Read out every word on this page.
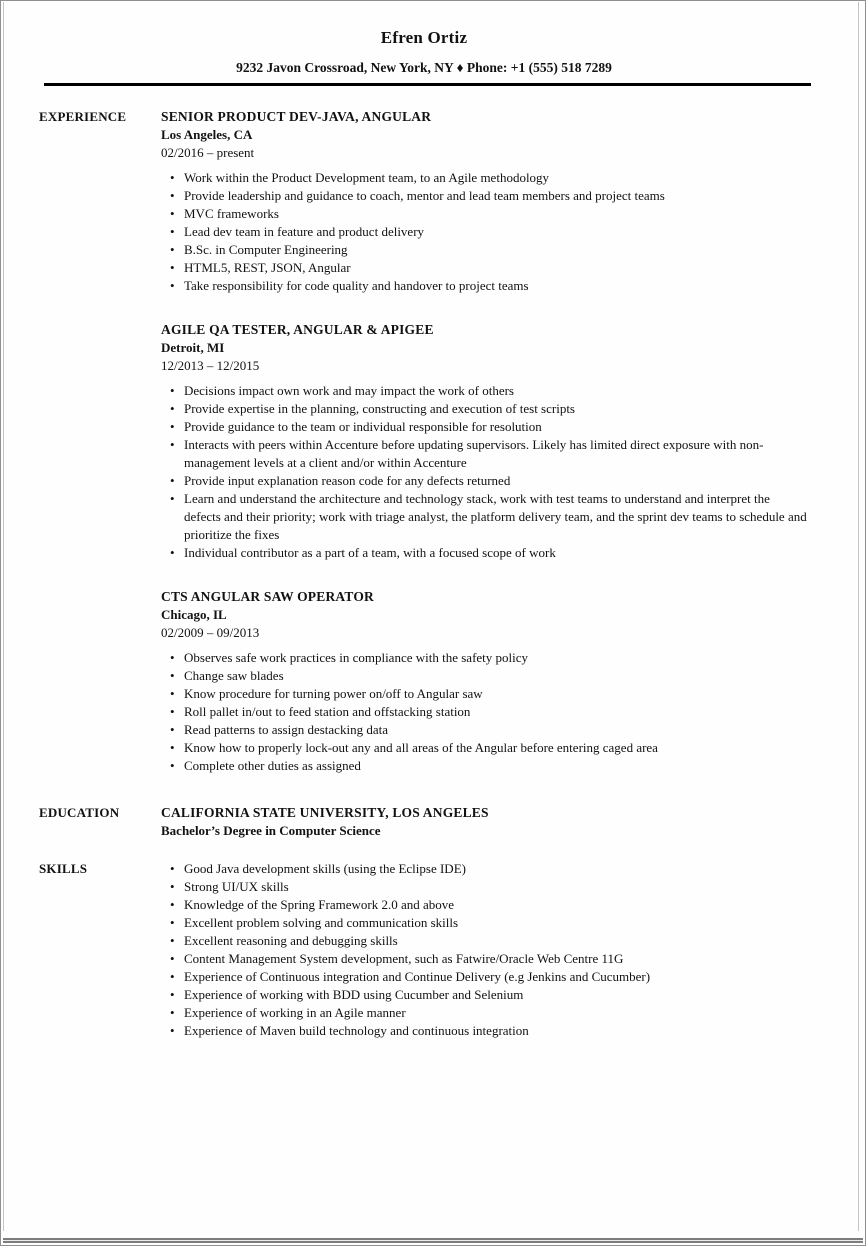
Efren Ortiz
9232 Javon Crossroad, New York, NY ♦ Phone: +1 (555) 518 7289
EXPERIENCE	SENIOR PRODUCT DEV-JAVA, ANGULAR
Los Angeles, CA
02/2016 – present
• Work within the Product Development team, to an Agile methodology
• Provide leadership and guidance to coach, mentor and lead team members and project teams
• MVC frameworks
• Lead dev team in feature and product delivery
• B.Sc. in Computer Engineering
• HTML5, REST, JSON, Angular
• Take responsibility for code quality and handover to project teams
AGILE QA TESTER, ANGULAR & APIGEE
Detroit, MI
12/2013 – 12/2015
• Decisions impact own work and may impact the work of others
• Provide expertise in the planning, constructing and execution of test scripts
• Provide guidance to the team or individual responsible for resolution
• Interacts with peers within Accenture before updating supervisors. Likely has limited direct exposure with non-management levels at a client and/or within Accenture
• Provide input explanation reason code for any defects returned
• Learn and understand the architecture and technology stack, work with test teams to understand and interpret the defects and their priority; work with triage analyst, the platform delivery team, and the sprint dev teams to schedule and prioritize the fixes
• Individual contributor as a part of a team, with a focused scope of work
CTS ANGULAR SAW OPERATOR
Chicago, IL
02/2009 – 09/2013
• Observes safe work practices in compliance with the safety policy
• Change saw blades
• Know procedure for turning power on/off to Angular saw
• Roll pallet in/out to feed station and offstacking station
• Read patterns to assign destacking data
• Know how to properly lock-out any and all areas of the Angular before entering caged area
• Complete other duties as assigned
EDUCATION	CALIFORNIA STATE UNIVERSITY, LOS ANGELES
Bachelor’s Degree in Computer Science
SKILLS	• Good Java development skills (using the Eclipse IDE)
• Strong UI/UX skills
• Knowledge of the Spring Framework 2.0 and above
• Excellent problem solving and communication skills
• Excellent reasoning and debugging skills
• Content Management System development, such as Fatwire/Oracle Web Centre 11G
• Experience of Continuous integration and Continue Delivery (e.g Jenkins and Cucumber)
• Experience of working with BDD using Cucumber and Selenium
• Experience of working in an Agile manner
• Experience of Maven build technology and continuous integration
